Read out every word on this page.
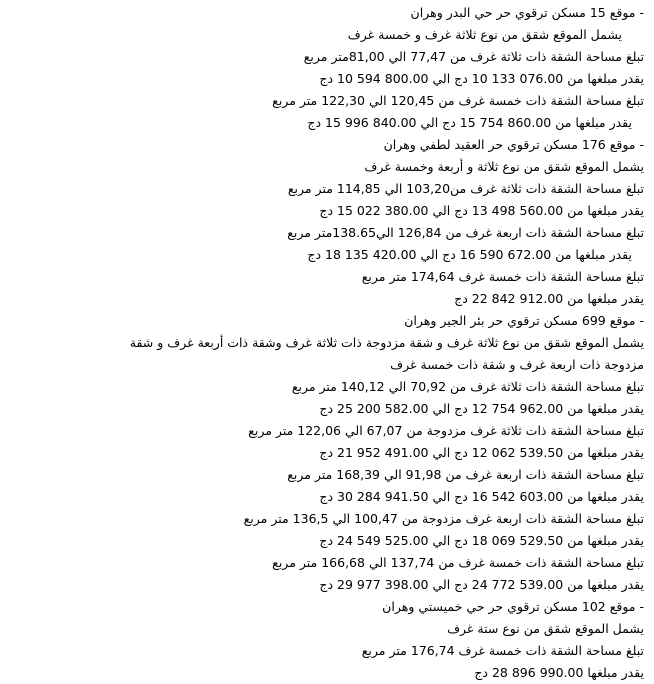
- موقع 15 مسكن ترقوي حر حي البدر وهران
يشمل الموقع شقق من نوع ثلاثة غرف و خمسة غرف
تبلغ مساحة الشقة ذات ثلاثة غرف من 77,47 الي 81,00متر مربع
يقدر مبلغها من 076.00 133 10 دج الي 800.00 594 10 دج
تبلغ مساحة الشقة ذات خمسة غرف من 120,45 الي 122,30 متر مربع
يقدر مبلغها من 860.00 754 15 دج الي 840.00 996 15 دج
- موقع 176 مسكن ترقوي حر العقيد لطفي وهران
يشمل الموقع شقق من نوع ثلاثة و أربعة وخمسة غرف
تبلغ مساحة الشقة ذات ثلاثة غرف من103,20 الي 114,85 متر مربع
يقدر مبلغها من 560.00 498 13 دج الي 380.00 022 15 دج
تبلغ مساحة الشقة ذات اربعة غرف من 126,84 الي138.65متر مربع
يقدر مبلغها من 672.00 590 16 دج الي 420.00 135 18 دج
تبلغ مساحة الشقة ذات خمسة غرف 174,64 متر مربع
يقدر مبلغها من 912.00 842 22 دج
- موقع 699 مسكن ترقوي حر بئر الجير وهران
يشمل الموقع شقق من نوع ثلاثة غرف و شقة مزدوجة ذات ثلاثة غرف وشقة ذات أربعة غرف و شقة
مزدوجة ذات اربعة غرف و شقة ذات خمسة غرف
تبلغ مساحة الشقة ذات ثلاثة غرف من 70,92 الي 140,12 متر مربع
يقدر مبلغها من 962.00 754 12 دج الي 582.00 200 25 دج
تبلغ مساحة الشقة ذات ثلاثة غرف مزدوجة من 67,07 الي 122,06 متر مربع
يقدر مبلغها من 539.50 062 12 دج الي 491.00 952 21 دج
تبلغ مساحة الشقة ذات اربعة غرف من 91,98 الي 168,39 متر مربع
يقدر مبلغها من 603.00 542 16 دج الي 941.50 284 30 دج
تبلغ مساحة الشقة ذات اربعة غرف مزدوجة من 100,47 الي 136,5 متر مربع
يقدر مبلغها من 529.50 069 18 دج الي 525.00 549 24 دج
تبلغ مساحة الشقة ذات خمسة غرف من 137,74 الي 166,68 متر مربع
يقدر مبلغها من 539.00 772 24 دج الي 398.00 977 29 دج
- موقع 102 مسكن ترقوي حر حي خميستي وهران
يشمل الموقع شقق من نوع ستة غرف
تبلغ مساحة الشقة ذات خمسة غرف 176,74 متر مربع
يقدر مبلغها 990.00 896 28 دج
